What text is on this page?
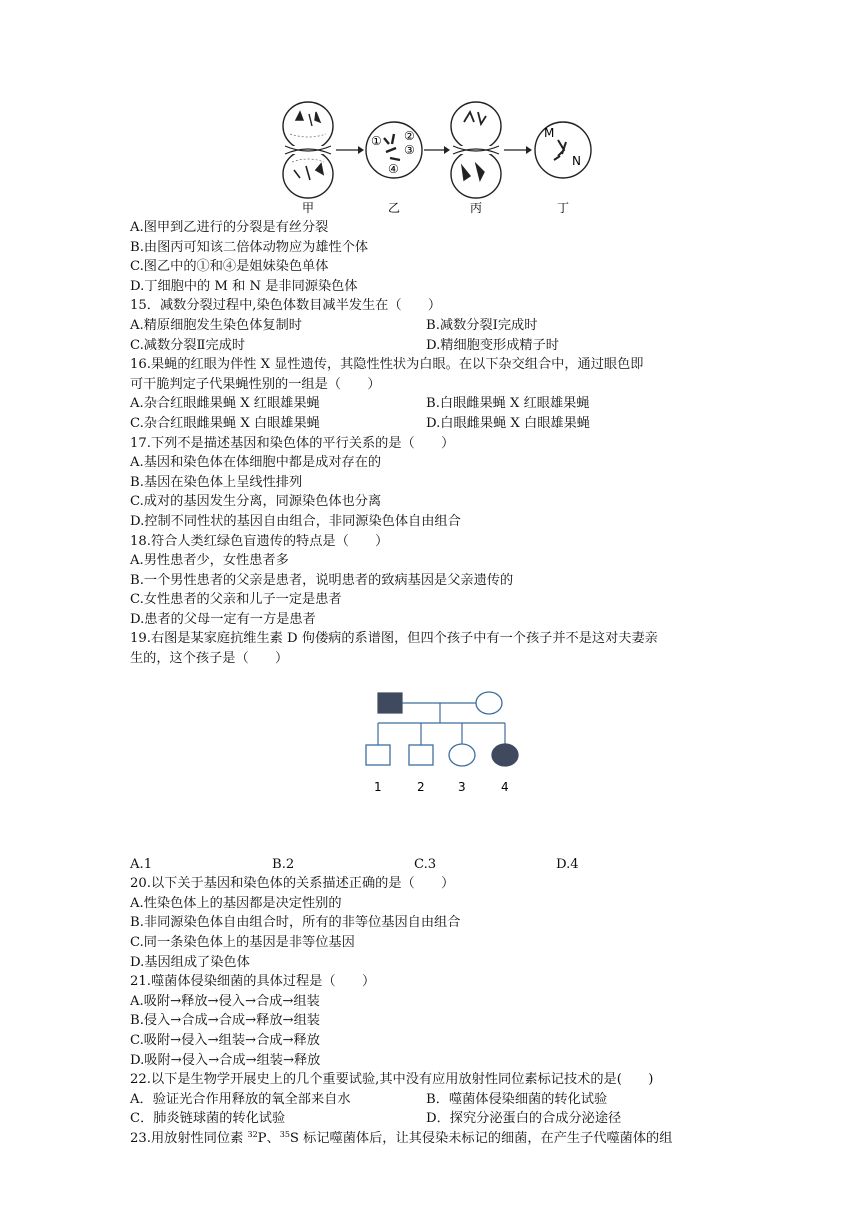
① ②
③
④
M
N
甲	乙	丙	丁
A.图甲到乙进行的分裂是有丝分裂
B.由图丙可知该二倍体动物应为雄性个体
C.图乙中的①和④是姐妹染色单体
D.丁细胞中的 M 和 N 是非同源染色体
15．减数分裂过程中,染色体数目减半发生在（　　）
A.精原细胞发生染色体复制时	B.减数分裂Ⅰ完成时
C.减数分裂Ⅱ完成时	D.精细胞变形成精子时
16.果蝇的红眼为伴性 X 显性遗传，其隐性性状为白眼。在以下杂交组合中，通过眼色即
可干脆判定子代果蝇性别的一组是（　　）
A.杂合红眼雌果蝇 X 红眼雄果蝇	B.白眼雌果蝇 X 红眼雄果蝇
C.杂合红眼雌果蝇 X 白眼雄果蝇	D.白眼雌果蝇 X 白眼雄果蝇
17.下列不是描述基因和染色体的平行关系的是（　　）
A.基因和染色体在体细胞中都是成对存在的
B.基因在染色体上呈线性排列
C.成对的基因发生分离，同源染色体也分离
D.控制不同性状的基因自由组合，非同源染色体自由组合
18.符合人类红绿色盲遗传的特点是（　　）
A.男性患者少，女性患者多
B.一个男性患者的父亲是患者，说明患者的致病基因是父亲遗传的
C.女性患者的父亲和儿子一定是患者
D.患者的父母一定有一方是患者
19.右图是某家庭抗维生素 D 佝偻病的系谱图，但四个孩子中有一个孩子并不是这对夫妻亲
生的，这个孩子是（　　）
1	2	3	4
A.1	B.2	C.3	D.4
20.以下关于基因和染色体的关系描述正确的是（　　）
A.性染色体上的基因都是决定性别的
B.非同源染色体自由组合时，所有的非等位基因自由组合
C.同一条染色体上的基因是非等位基因
D.基因组成了染色体
21.噬菌体侵染细菌的具体过程是（　　）
A.吸附→释放→侵入→合成→组装
B.侵入→合成→合成→释放→组装
C.吸附→侵入→组装→合成→释放
D.吸附→侵入→合成→组装→释放
22.以下是生物学开展史上的几个重要试验,其中没有应用放射性同位素标记技术的是(　　)
A．验证光合作用释放的氧全部来自水	B．噬菌体侵染细菌的转化试验
C．肺炎链球菌的转化试验	D．探究分泌蛋白的合成分泌途径
23.用放射性同位素 $^{32}$P、$^{35}$S 标记噬菌体后，让其侵染未标记的细菌，在产生子代噬菌体的组
